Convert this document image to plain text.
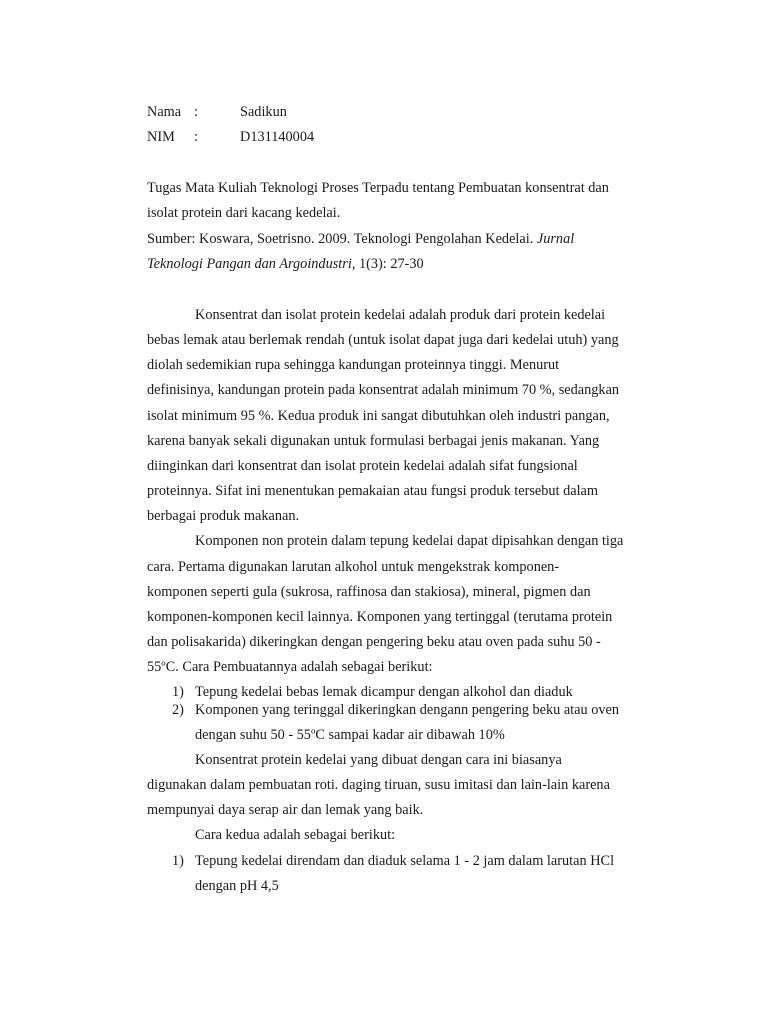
Nama :	Sadikun
NIM :	D131140004
Tugas Mata Kuliah Teknologi Proses Terpadu tentang Pembuatan konsentrat dan
isolat protein dari kacang kedelai.
Sumber: Koswara, Soetrisno. 2009. Teknologi Pengolahan Kedelai. Jurnal
Teknologi Pangan dan Argoindustri, 1(3): 27-30
Konsentrat dan isolat protein kedelai adalah produk dari protein kedelai
bebas lemak atau berlemak rendah (untuk isolat dapat juga dari kedelai utuh) yang
diolah sedemikian rupa sehingga kandungan proteinnya tinggi. Menurut
definisinya, kandungan protein pada konsentrat adalah minimum 70 %, sedangkan
isolat minimum 95 %. Kedua produk ini sangat dibutuhkan oleh industri pangan,
karena banyak sekali digunakan untuk formulasi berbagai jenis makanan. Yang
diinginkan dari konsentrat dan isolat protein kedelai adalah sifat fungsional
proteinnya. Sifat ini menentukan pemakaian atau fungsi produk tersebut dalam
berbagai produk makanan.
Komponen non protein dalam tepung kedelai dapat dipisahkan dengan tiga
cara. Pertama digunakan larutan alkohol untuk mengekstrak komponen-
komponen seperti gula (sukrosa, raffinosa dan stakiosa), mineral, pigmen dan
komponen-komponen kecil lainnya. Komponen yang tertinggal (terutama protein
dan polisakarida) dikeringkan dengan pengering beku atau oven pada suhu 50 -
55ºC. Cara Pembuatannya adalah sebagai berikut:
1) Tepung kedelai bebas lemak dicampur dengan alkohol dan diaduk
2) Komponen yang teringgal dikeringkan dengann pengering beku atau oven
dengan suhu 50 - 55ºC sampai kadar air dibawah 10%
Konsentrat protein kedelai yang dibuat dengan cara ini biasanya
digunakan dalam pembuatan roti. daging tiruan, susu imitasi dan lain-lain karena
mempunyai daya serap air dan lemak yang baik.
Cara kedua adalah sebagai berikut:
1) Tepung kedelai direndam dan diaduk selama 1 - 2 jam dalam larutan HCl
dengan pH 4,5
